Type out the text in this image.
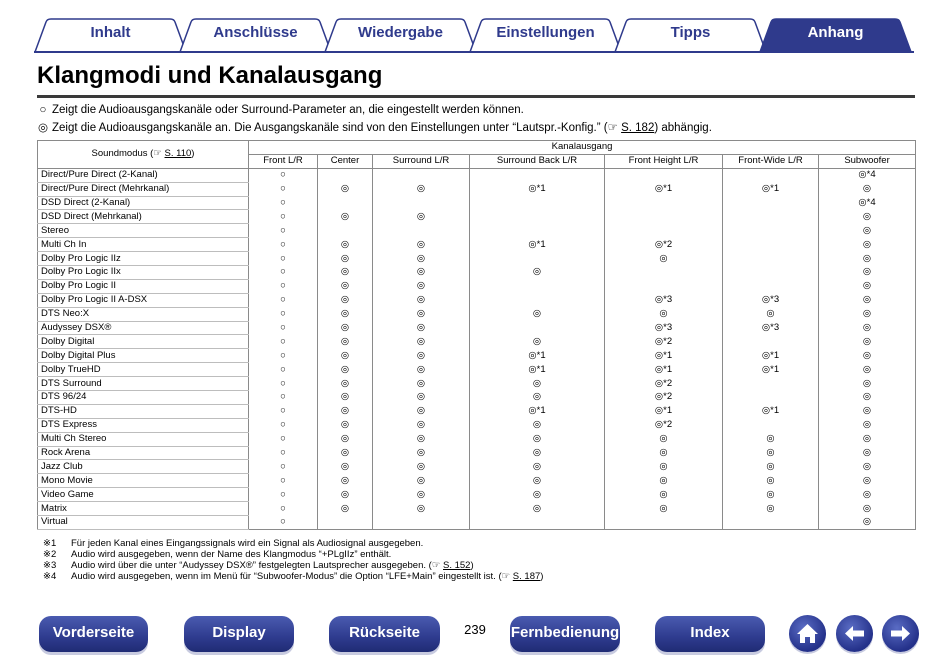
Inhalt	Anschlüsse	Wiedergabe	Einstellungen	Tipps	Anhang
Klangmodi und Kanalausgang
○ Zeigt die Audioausgangskanäle oder Surround-Parameter an, die eingestellt werden können.
◎ Zeigt die Audioausgangskanäle an. Die Ausgangskanäle sind von den Einstellungen unter “Lautspr.-Konfig.” (☞ S. 182) abhängig.
Soundmodus (☞ S. 110)	Kanalausgang						
	Front L/R	Center	Surround L/R	Surround Back L/R	Front Height L/R	Front-Wide L/R	Subwoofer
Direct/Pure Direct (2-Kanal)	○						◎*4
Direct/Pure Direct (Mehrkanal)	○	◎	◎	◎*1	◎*1	◎*1	◎
DSD Direct (2-Kanal)	○						◎*4
DSD Direct (Mehrkanal)	○	◎	◎				◎
Stereo	○						◎
Multi Ch In	○	◎	◎	◎*1	◎*2		◎
Dolby Pro Logic IIz	○	◎	◎		◎		◎
Dolby Pro Logic IIx	○	◎	◎	◎			◎
Dolby Pro Logic II	○	◎	◎				◎
Dolby Pro Logic II A-DSX	○	◎	◎		◎*3	◎*3	◎
DTS Neo:X	○	◎	◎	◎	◎	◎	◎
Audyssey DSX®	○	◎	◎		◎*3	◎*3	◎
Dolby Digital	○	◎	◎	◎	◎*2		◎
Dolby Digital Plus	○	◎	◎	◎*1	◎*1	◎*1	◎
Dolby TrueHD	○	◎	◎	◎*1	◎*1	◎*1	◎
DTS Surround	○	◎	◎	◎	◎*2		◎
DTS 96/24	○	◎	◎	◎	◎*2		◎
DTS-HD	○	◎	◎	◎*1	◎*1	◎*1	◎
DTS Express	○	◎	◎	◎	◎*2		◎
Multi Ch Stereo	○	◎	◎	◎	◎	◎	◎
Rock Arena	○	◎	◎	◎	◎	◎	◎
Jazz Club	○	◎	◎	◎	◎	◎	◎
Mono Movie	○	◎	◎	◎	◎	◎	◎
Video Game	○	◎	◎	◎	◎	◎	◎
Matrix	○	◎	◎	◎	◎	◎	◎
Virtual	○						◎
※1	Für jeden Kanal eines Eingangssignals wird ein Signal als Audiosignal ausgegeben.
※2	Audio wird ausgegeben, wenn der Name des Klangmodus “+PLgIIz” enthält.
※3	Audio wird über die unter “Audyssey DSX®” festgelegten Lautsprecher ausgegeben. (☞ S. 152)
※4	Audio wird ausgegeben, wenn im Menü für “Subwoofer-Modus” die Option “LFE+Main” eingestellt ist. (☞ S. 187)
Vorderseite	Display	Rückseite	239 Fernbedienung	Index
